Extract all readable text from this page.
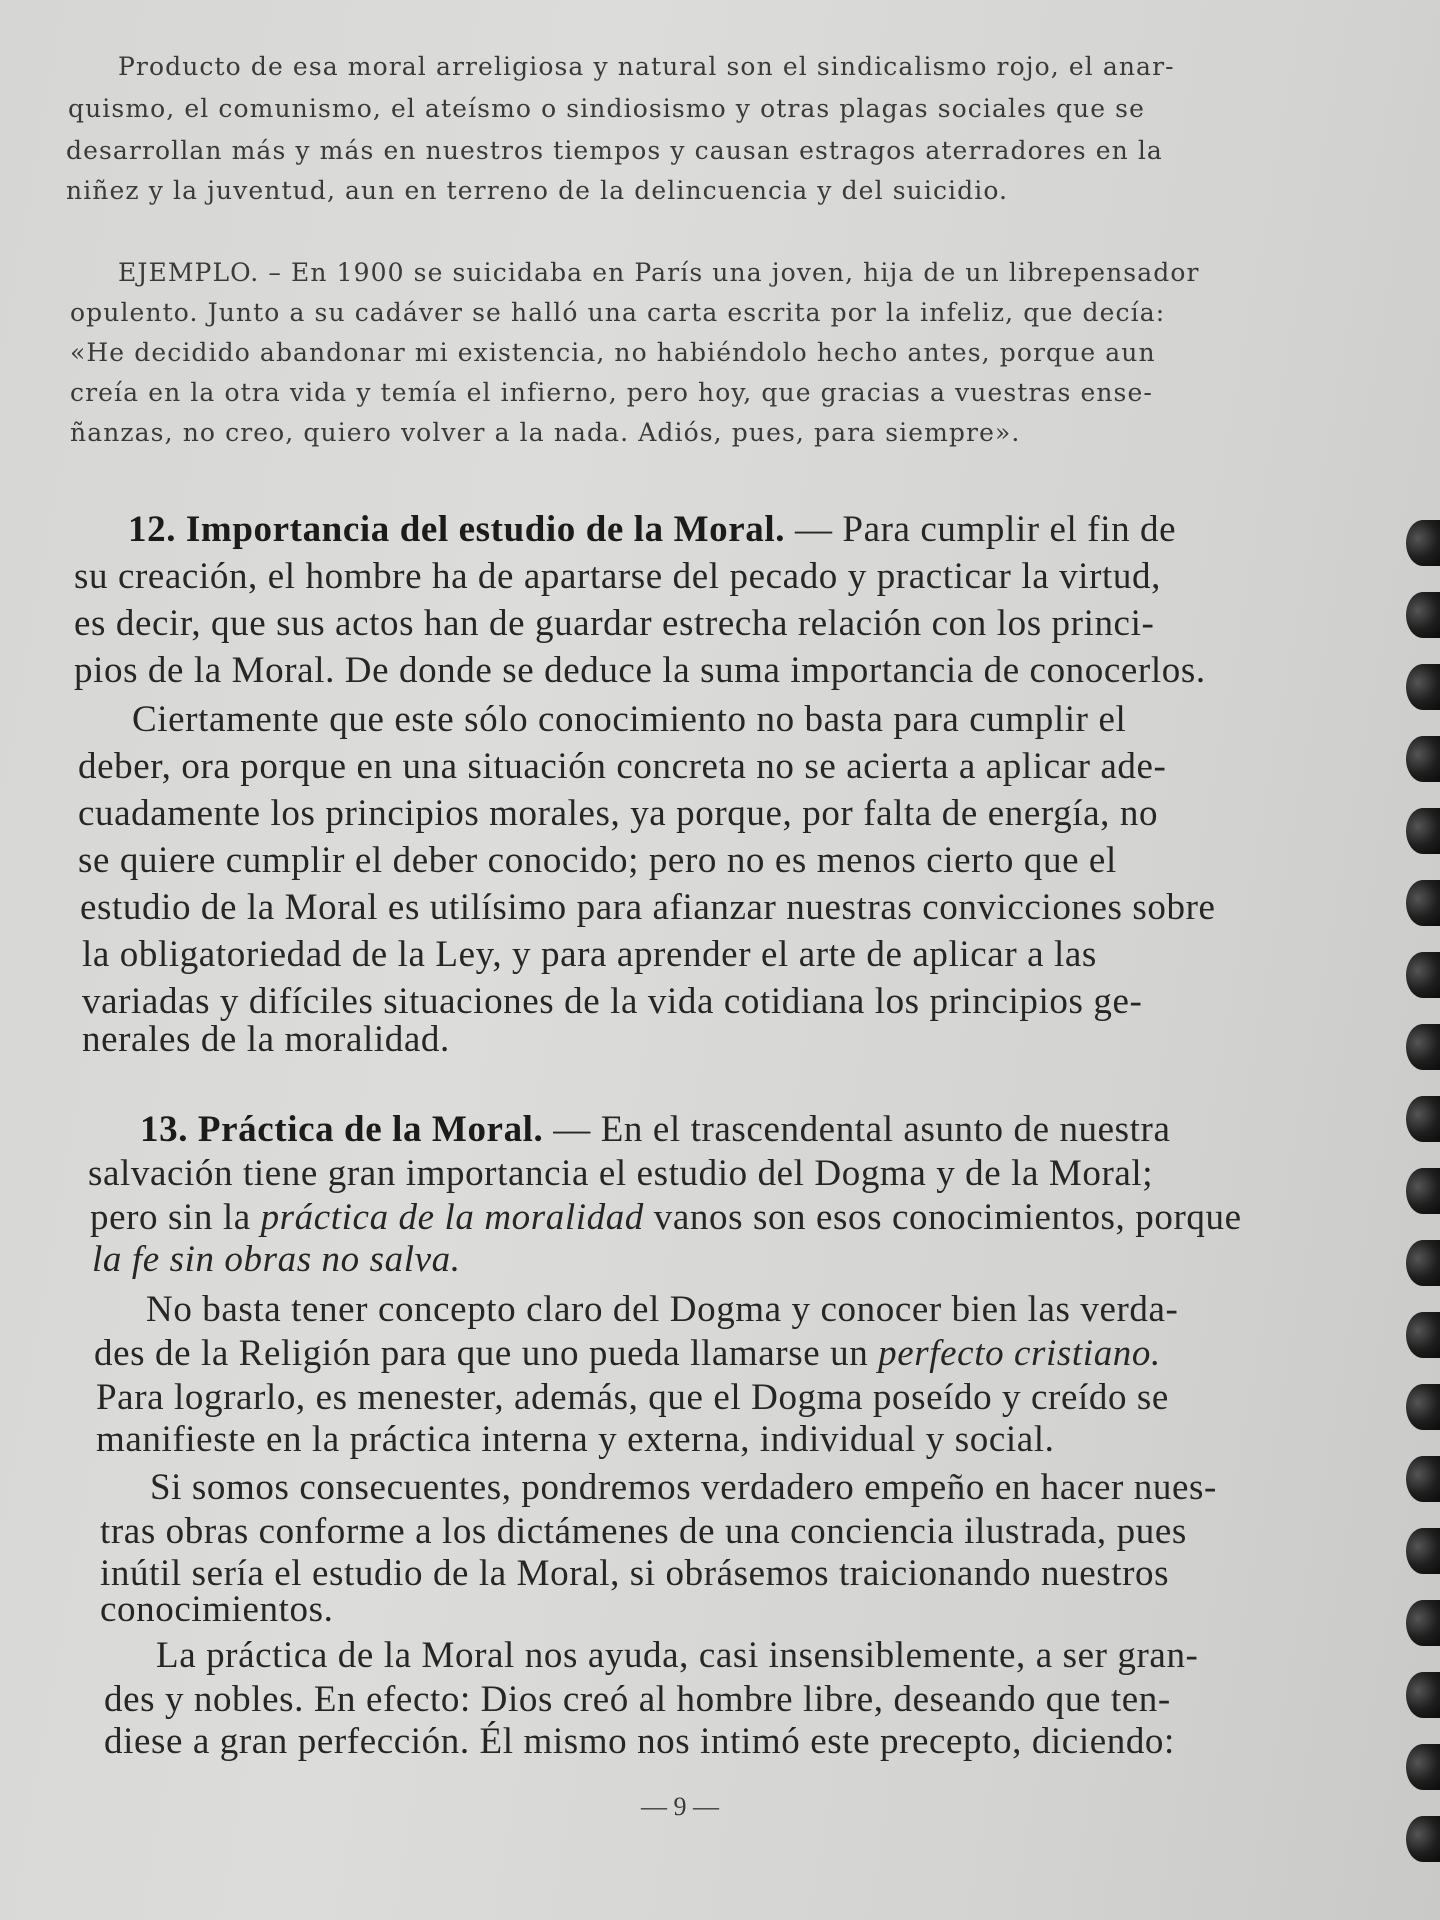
Producto de esa moral arreligiosa y natural son el sindicalismo rojo, el anar-
quismo, el comunismo, el ateísmo o sindiosismo y otras plagas sociales que se
desarrollan más y más en nuestros tiempos y causan estragos aterradores en la
niñez y la juventud, aun en terreno de la delincuencia y del suicidio.
EJEMPLO. – En 1900 se suicidaba en París una joven, hija de un librepensador
opulento. Junto a su cadáver se halló una carta escrita por la infeliz, que decía:
«He decidido abandonar mi existencia, no habiéndolo hecho antes, porque aun
creía en la otra vida y temía el infierno, pero hoy, que gracias a vuestras ense-
ñanzas, no creo, quiero volver a la nada. Adiós, pues, para siempre».
12. Importancia del estudio de la Moral. — Para cumplir el fin de
su creación, el hombre ha de apartarse del pecado y practicar la virtud,
es decir, que sus actos han de guardar estrecha relación con los princi-
pios de la Moral. De donde se deduce la suma importancia de conocerlos.
Ciertamente que este sólo conocimiento no basta para cumplir el
deber, ora porque en una situación concreta no se acierta a aplicar ade-
cuadamente los principios morales, ya porque, por falta de energía, no
se quiere cumplir el deber conocido; pero no es menos cierto que el
estudio de la Moral es utilísimo para afianzar nuestras convicciones sobre
la obligatoriedad de la Ley, y para aprender el arte de aplicar a las
variadas y difíciles situaciones de la vida cotidiana los principios ge-
nerales de la moralidad.
13. Práctica de la Moral. — En el trascendental asunto de nuestra
salvación tiene gran importancia el estudio del Dogma y de la Moral;
pero sin la práctica de la moralidad vanos son esos conocimientos, porque
la fe sin obras no salva.
No basta tener concepto claro del Dogma y conocer bien las verda-
des de la Religión para que uno pueda llamarse un perfecto cristiano.
Para lograrlo, es menester, además, que el Dogma poseído y creído se
manifieste en la práctica interna y externa, individual y social.
Si somos consecuentes, pondremos verdadero empeño en hacer nues-
tras obras conforme a los dictámenes de una conciencia ilustrada, pues
inútil sería el estudio de la Moral, si obrásemos traicionando nuestros
conocimientos.
La práctica de la Moral nos ayuda, casi insensiblemente, a ser gran-
des y nobles. En efecto: Dios creó al hombre libre, deseando que ten-
diese a gran perfección. Él mismo nos intimó este precepto, diciendo:
— 9 —
